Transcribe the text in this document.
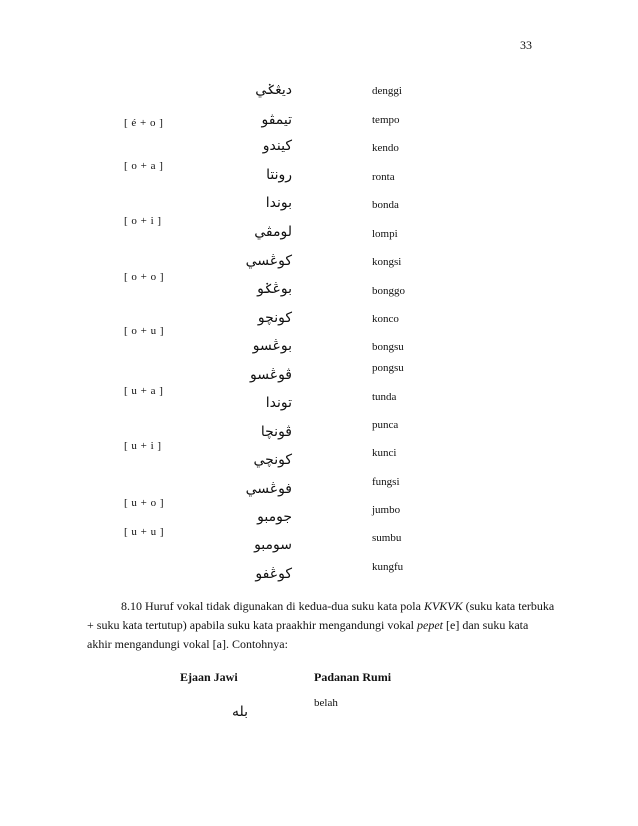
33
[ é + o ]
[ o + a ]
[ o + i ]
[ o + o ]
[ o + u ]
[ u + a ]
[ u + i ]
[ u + o ]
[ u + u ]
ديڠݢي
تيمڤو
کيندو
رونتا
بوندا
لومڤي
کوڠسي
بوڠݢو
کونچو
بوڠسو
ڤوڠسو
توندا
ڤونچا
کونچي
فوڠسي
جومبو
سومبو
کوڠفو
denggi
tempo
kendo
ronta
bonda
lompi
kongsi
bonggo
konco
bongsu
pongsu
tunda
punca
kunci
fungsi
jumbo
sumbu
kungfu

8.10 Huruf vokal tidak digunakan di kedua-dua suku kata pola KVKVK (suku kata terbuka + suku kata tertutup) apabila suku kata praakhir mengandungi vokal pepet [e] dan suku kata akhir mengandungi vokal [a]. Contohnya:

Ejaan Jawi	Padanan Rumi
بله
belah
